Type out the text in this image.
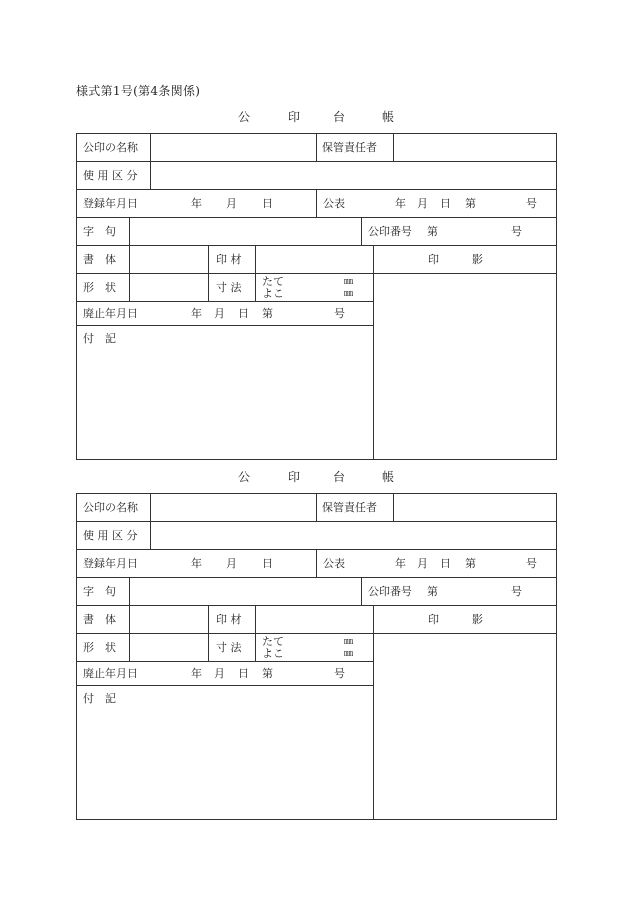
様式第1号(第4条関係)
公	印	台	帳
公印の名称	保管責任者
使 用 区 分
登録年月日	年 月 日	公表	年 月 日 第	号
字　句	公印番号 第	号
書　体	印 材	印　　　影
形　状	寸 法 たて	㎜
よこ	㎜
廃止年月日	年 月 日 第	号
付　記
公	印	台	帳
公印の名称	保管責任者
使 用 区 分
登録年月日	年 月 日	公表	年 月 日 第	号
字　句	公印番号 第	号
書　体	印 材	印　　　影
形　状	寸 法 たて	㎜
よこ	㎜
廃止年月日	年 月 日 第	号
付　記
